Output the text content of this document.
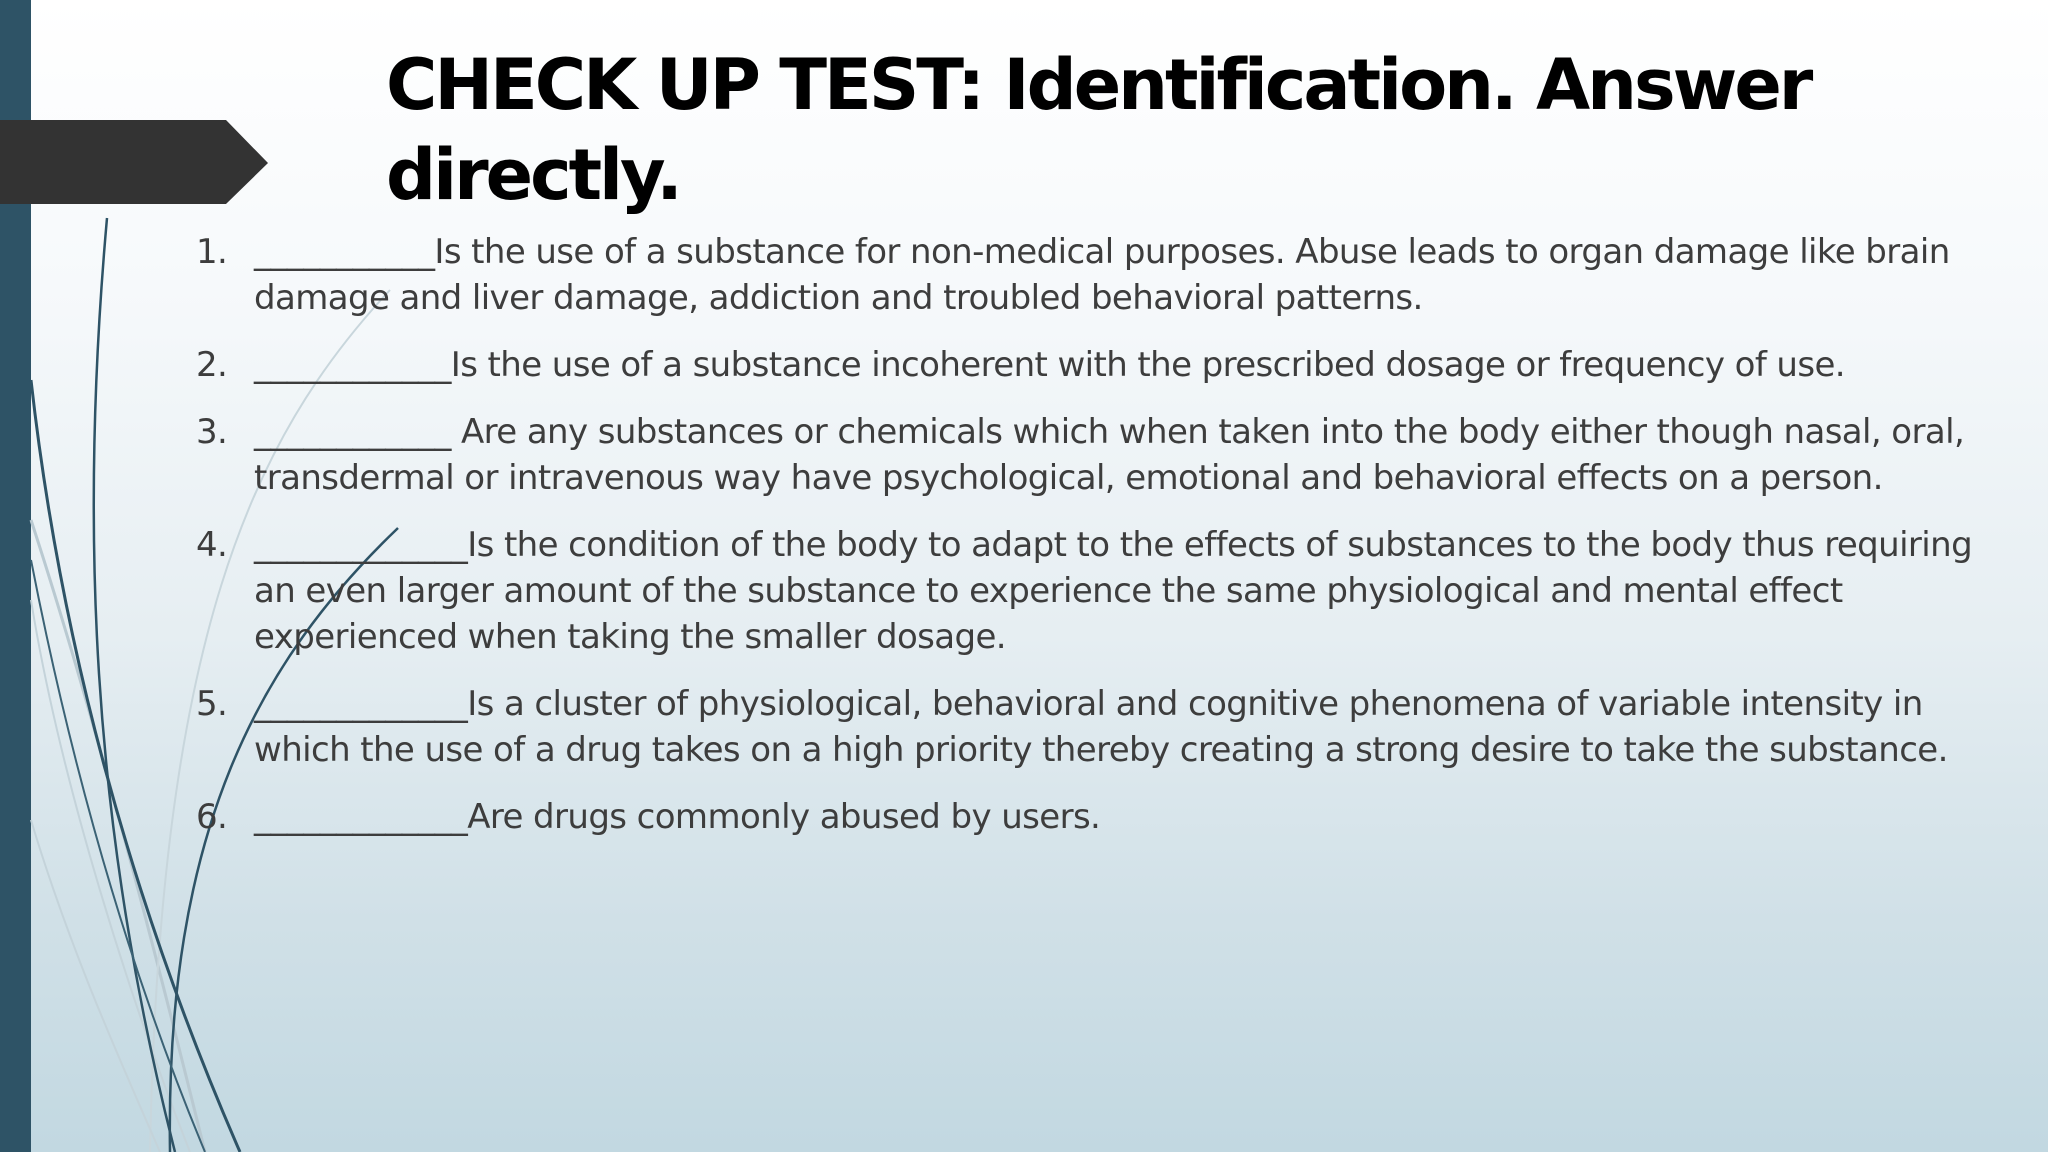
CHECK UP TEST: Identification. Answer directly.
1. ___________Is the use of a substance for non-medical purposes. Abuse leads to organ damage like brain damage and liver damage, addiction and troubled behavioral patterns.
2. ____________Is the use of a substance incoherent with the prescribed dosage or frequency of use.
3. ____________ Are any substances or chemicals which when taken into the body either though nasal, oral, transdermal or intravenous way have psychological, emotional and behavioral effects on a person.
4. _____________Is the condition of the body to adapt to the effects of substances to the body thus requiring an even larger amount of the substance to experience the same physiological and mental effect experienced when taking the smaller dosage.
5. _____________Is a cluster of physiological, behavioral and cognitive phenomena of variable intensity in which the use of a drug takes on a high priority thereby creating a strong desire to take the substance.
6. _____________Are drugs commonly abused by users.
